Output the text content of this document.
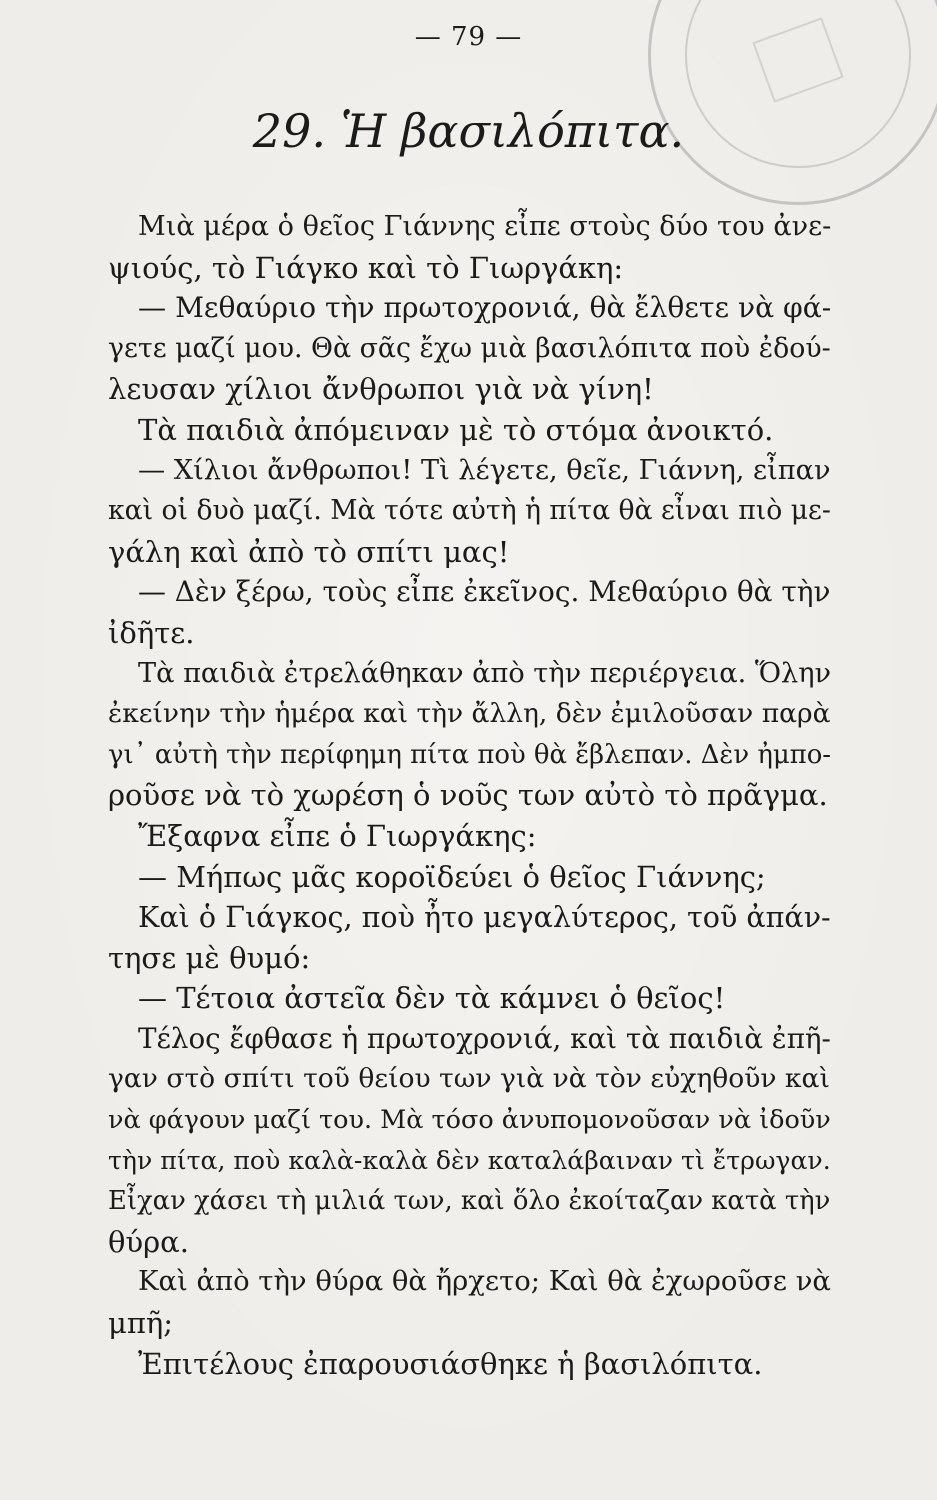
— 79 —
29. Ἡ βασιλόπιτα.
Μιὰ μέρα ὁ θεῖος Γιάννης εἶπε στοὺς δύο του ἀνε-
ψιούς, τὸ Γιάγκο καὶ τὸ Γιωργάκη:
— Μεθαύριο τὴν πρωτοχρονιά, θὰ ἔλθετε νὰ φά-
γετε μαζί μου. Θὰ σᾶς ἔχω μιὰ βασιλόπιτα ποὺ ἐδού-
λευσαν χίλιοι ἄνθρωποι γιὰ νὰ γίνη!
Τὰ παιδιὰ ἀπόμειναν μὲ τὸ στόμα ἀνοικτό.
— Χίλιοι ἄνθρωποι! Τὶ λέγετε, θεῖε, Γιάννη, εἶπαν
καὶ οἱ δυὸ μαζί. Μὰ τότε αὐτὴ ἡ πίτα θὰ εἶναι πιὸ με-
γάλη καὶ ἀπὸ τὸ σπίτι μας!
— Δὲν ξέρω, τοὺς εἶπε ἐκεῖνος. Μεθαύριο θὰ τὴν
ἰδῆτε.
Τὰ παιδιὰ ἐτρελάθηκαν ἀπὸ τὴν περιέργεια. Ὅλην
ἐκείνην τὴν ἡμέρα καὶ τὴν ἄλλη, δὲν ἐμιλοῦσαν παρὰ
γι᾿ αὐτὴ τὴν περίφημη πίτα ποὺ θὰ ἔβλεπαν. Δὲν ἠμπο-
ροῦσε νὰ τὸ χωρέση ὁ νοῦς των αὐτὸ τὸ πρᾶγμα.
Ἔξαφνα εἶπε ὁ Γιωργάκης:
— Μήπως μᾶς κοροϊδεύει ὁ θεῖος Γιάννης;
Καὶ ὁ Γιάγκος, ποὺ ἦτο μεγαλύτερος, τοῦ ἀπάν-
τησε μὲ θυμό:
— Τέτοια ἀστεῖα δὲν τὰ κάμνει ὁ θεῖος!
Τέλος ἔφθασε ἡ πρωτοχρονιά, καὶ τὰ παιδιὰ ἐπῆ-
γαν στὸ σπίτι τοῦ θείου των γιὰ νὰ τὸν εὐχηθοῦν καὶ
νὰ φάγουν μαζί του. Μὰ τόσο ἀνυπομονοῦσαν νὰ ἰδοῦν
τὴν πίτα, ποὺ καλὰ-καλὰ δὲν καταλάβαιναν τὶ ἔτρωγαν.
Εἶχαν χάσει τὴ μιλιά των, καὶ ὅλο ἐκοίταζαν κατὰ τὴν
θύρα.
Καὶ ἀπὸ τὴν θύρα θὰ ἤρχετο; Καὶ θὰ ἐχωροῦσε νὰ
μπῆ;
Ἐπιτέλους ἐπαρουσιάσθηκε ἡ βασιλόπιτα.
